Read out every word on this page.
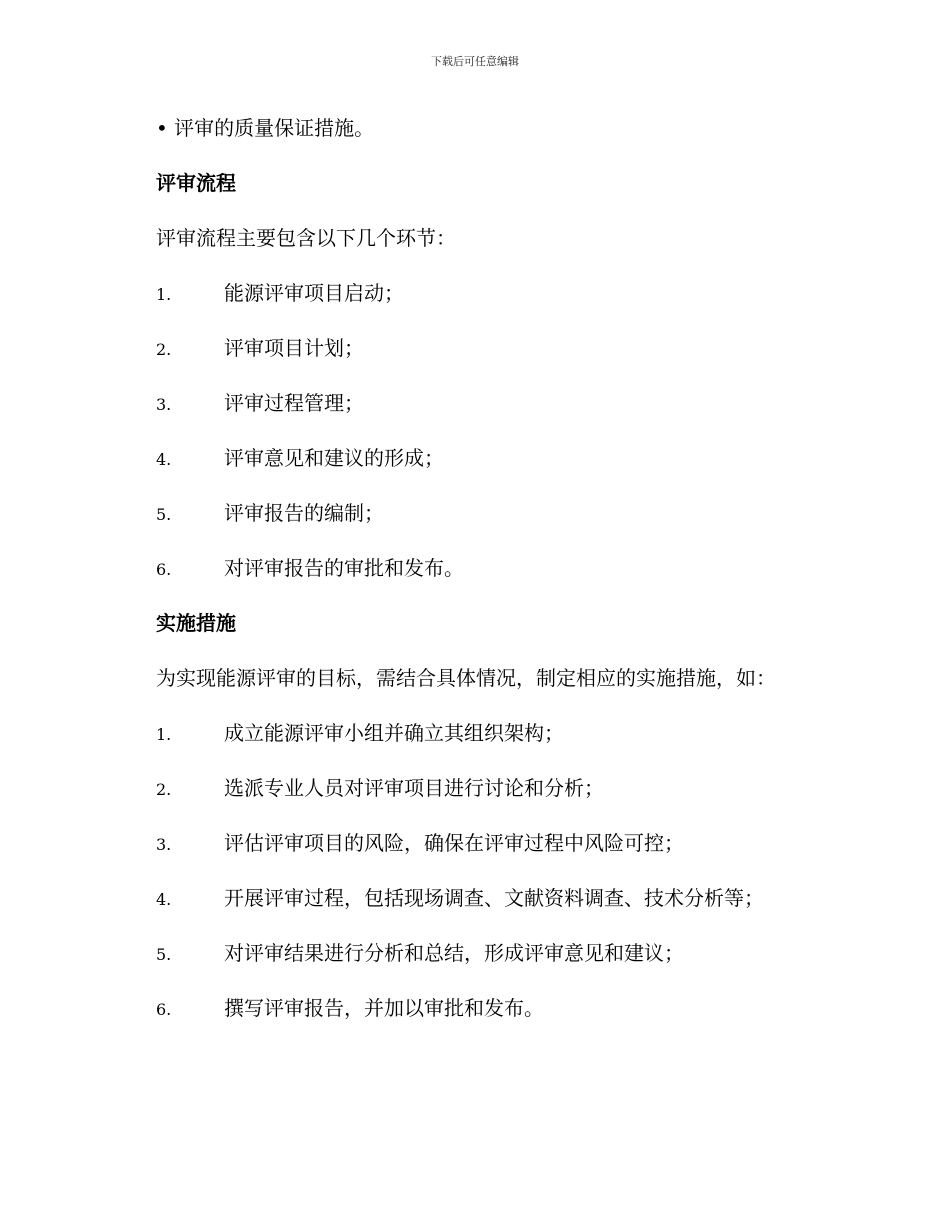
下载后可任意编辑
• 评审的质量保证措施。
评审流程
评审流程主要包含以下几个环节：
1.	能源评审项目启动；
2.	评审项目计划；
3.	评审过程管理；
4.	评审意见和建议的形成；
5.	评审报告的编制；
6.	对评审报告的审批和发布。
实施措施
为实现能源评审的目标，需结合具体情况，制定相应的实施措施，如：
1.	成立能源评审小组并确立其组织架构；
2.	选派专业人员对评审项目进行讨论和分析；
3.	评估评审项目的风险，确保在评审过程中风险可控；
4.	开展评审过程，包括现场调查、文献资料调查、技术分析等；
5.	对评审结果进行分析和总结，形成评审意见和建议；
6.	撰写评审报告，并加以审批和发布。
